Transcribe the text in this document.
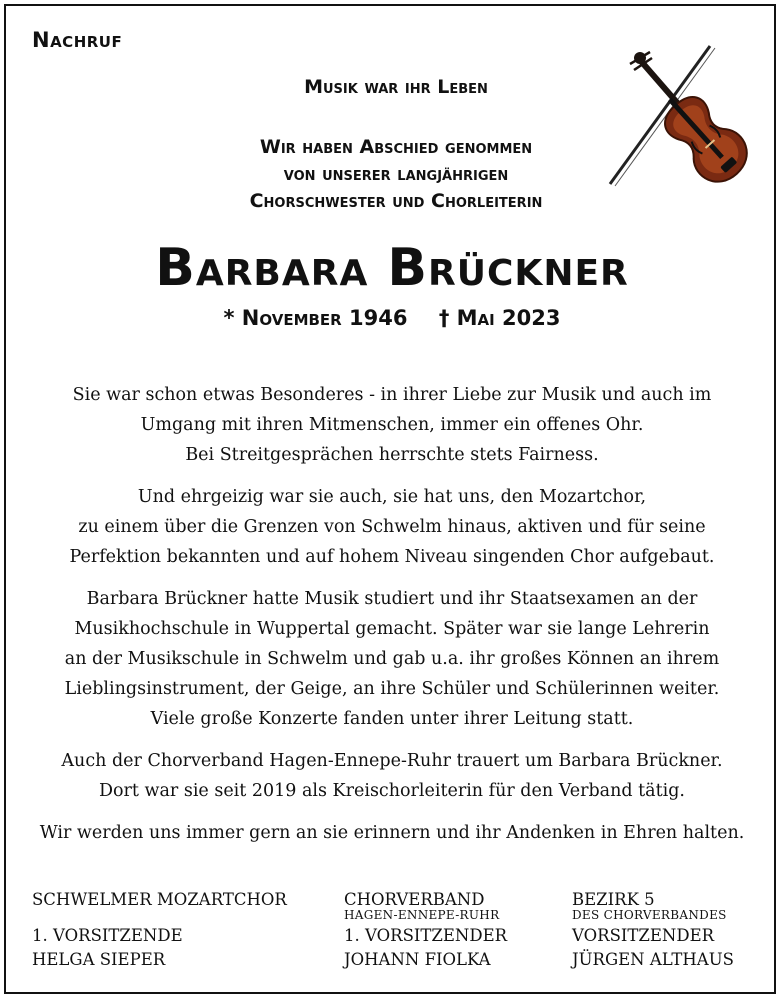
Nachruf
Musik war ihr Leben
Wir haben Abschied genommen
von unserer langjährigen
Chorschwester und Chorleiterin
Barbara Brückner
* November 1946 † Mai 2023

Sie war schon etwas Besonderes - in ihrer Liebe zur Musik und auch im
Umgang mit ihren Mitmenschen, immer ein offenes Ohr.
Bei Streitgesprächen herrschte stets Fairness.

Und ehrgeizig war sie auch, sie hat uns, den Mozartchor,
zu einem über die Grenzen von Schwelm hinaus, aktiven und für seine
Perfektion bekannten und auf hohem Niveau singenden Chor aufgebaut.

Barbara Brückner hatte Musik studiert und ihr Staatsexamen an der
Musikhochschule in Wuppertal gemacht. Später war sie lange Lehrerin
an der Musikschule in Schwelm und gab u.a. ihr großes Können an ihrem
Lieblingsinstrument, der Geige, an ihre Schüler und Schülerinnen weiter.
Viele große Konzerte fanden unter ihrer Leitung statt.

Auch der Chorverband Hagen-Ennepe-Ruhr trauert um Barbara Brückner.
Dort war sie seit 2019 als Kreischorleiterin für den Verband tätig.

Wir werden uns immer gern an sie erinnern und ihr Andenken in Ehren halten.

SCHWELMER MOZARTCHOR
1. VORSITZENDE
HELGA SIEPER
CHORVERBAND
HAGEN-ENNEPE-RUHR
1. VORSITZENDER
JOHANN FIOLKA
BEZIRK 5
DES CHORVERBANDES
VORSITZENDER
JÜRGEN ALTHAUS
